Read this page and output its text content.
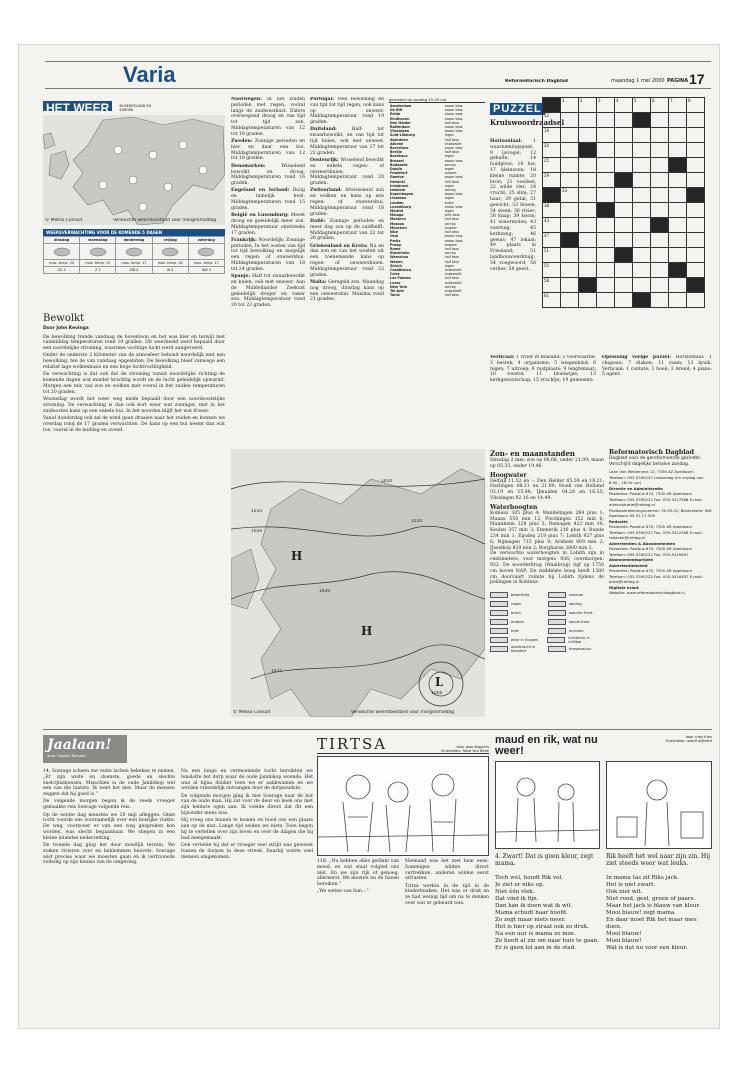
Varia	Reformatorisch Dagblad	maandag 1 mei 2000 PAGINA 17
HET WEER	IN NEDERLAND EN EUROPA
© Meteo Consult	Verwachte weerstoestand voor morgenmiddag
WEERSVERWACHTING VOOR DE KOMENDE 5 DAGEN
dinsdag	woensdag	donderdag	vrijdag	zaterdag

max. temp. 20	max. temp. 19	max. temp. 17	max. temp. 16	max. temp. 17
ZO 3	Z 3	ZW 4	W 4	NW 3
Bewolkt
Door John Kevinga

De bewolking trende vandaag de boventoon en het was hier en terwijl met vanmiddag temperaturen rond 19 graden. Dit weerbeeld werd bepaald door een noordelijke stroming, waarmee vochtige lucht werd aangevoerd.

Onder de onderste 2 kilometer van de atmosfeer behoud noordelijk met een bewolking, ten de van vandaag opgesloten. De bewolking bleef vanwege een relatief lage wolkenbasis en een hoge luchtvochtigheid.

De verwachting is dat ook dat de stroming vanuit noordelijke richting de komende dagen wat minder krachtig wordt en de lucht geleidelijk opwarmt. Morgen een mix van zon en wolken met vooral in het zuiden temperaturen tot 20 graden.

Woensdag wordt het weer weg mede bepaald door een noordoostelijke stroming. De verwachting is dan ook kort weer wat zonniger, met in het zuidoosten kans op een enkele bui. In het noorden blijft het wat frisser.

Vanaf donderdag ook zal de wind gaan draaien naar het zuiden en kunnen we overdag rond de 17 graden verwachten. De kans op een bui neemt dan wat toe, vooral in de middag en avond.

Noorwegen: In het zuiden perioden met regen, vooral langs de zuidwestkust. Elders overwegend droog en van tijd tot tijd zon. Middagtemperaturen van 12 tot 18 graden.

Zweden: Zonnige perioden en hier en daar een bui. Middagtemperaturen van 12 tot 18 graden.

Denemarken:	Wisselend bewolkt en droog. Middagtemperaturen rond 16 graden.

Engeland en Ierland: Buiig en tamelijk koel. Middagtemperaturen rond 15 graden.

België en Luxemburg: Meest droog en geleidelijk meer zon. Middagtemperatuur omstreeks 17 graden.

Frankrijk: Noordelijk: Zonnige perioden. In het oosten van tijd tot tijd bewolking en mogelijk een regen- of onweersbui. Middagtemperaturen van 18 tot 24 graden.

Spanje: Half tot zwaarbewolkt en buien, ook met onweer. Aan de Middellandse Zeekust geleidelijk droger en vaker zon. Middagtemperatuur rond 20 tot 23 graden.

Portugal: Veel bewolking en van tijd tot tijd regen, ook kans op onweer. Middagtemperatuur rond 19 graden.

Duitsland:	Half- tot zwaarbewolkt, en van tijd tot tijd buien, ook met onweer. Middagtemperatuur van 17 tot 22 graden.

Oostenrijk: Wisselend bewolkt en enkele regen- of onweersbuien. Middagtemperatuur rond 20 graden.

Zwitserland: Afwisselend zon en wolken en kans op een regen- of onweersbui. Middagtemperatuur rond 18 graden.

Italië: Zonnige perioden en meer dag zon op de zuidhelft. Middagtemperatuur van 22 tot 26 graden.

Griekenland en Kreta: Nu en dan zon en van het westen uit een toenemende kans op regen- of onweersbuien. Middagtemperatuur rond 22 graden.

Malta: Geregeld zon. Maandag nog droog, dinsdag kans op een onweersbui. Maxima rond 21 graden.

gemeten op zondag 15.00 uur
Amsterdam	zwaar bew.
De Bilt	zwaar bew.
Eelde	zwaar bew.
Eindhoven	zwaar bew.
Den Helder	half bew.
Rotterdam	zwaar bew.
Vlissingen	zwaar bew.
Zuid-Limburg	regen
Aberdeen	half bew.
Athene	onbewolkt
Barcelona	zwaar bew.
Berlijn	half bew.
Bordeaux	regen
Brussel	zwaar bew.
Budapest	zonnig
Dublin	regen
Frankfurt	onweer
Genève	zwaar bew.
Helsinki	half bew.
Innsbruck	regen
Istanbul	zonnig
Kopenhagen	zwaar bew.
Lissabon	regen
Londen	buien
Luxemburg	zwaar bew.
Madrid	regen
Malaga	licht bew.
Mallorca	half bew.
Moskou	zonnig
München	onweer
Nice	half bew.
Oslo	zwaar bew.
Parijs	zwaar bew.
Praag	onweer
Rome	half bew.
Stockholm	zonnig
Warschau	half bew.
Wenen	half bew.
Zürich	regen
Casablanca	onbewolkt
Cairo	onbewolkt
Las Palmas	half bew.
Luxor	onbewolkt
New York	zonnig
Tel Aviv	onbewolkt
Tunis	half bew.
PUZZEL
Kruiswoordraadsel
Horizontaal: 1 waarnemingspunt; 9 ijsvogel; 12 gehalte; 14 huidplooi; 16 lus; 17 kleinzoon; 18 kleine ruimte; 20 bron; 21 voedsel; 22 wilde rier; 24 vrucht; 25 slim; 27 haar; 29 getal; 31 gewicht; 33 bloem; 34 steen; 36 rivier; 38 knap; 39 boom; 41 watermolen; 43 voertuig; 45 kerkzang; 46 gewas; 47 lokaal; 49 plaats in Friesland; 51 landbouwwerktuig; 54 voegwoord; 56 verlies; 58 geest.

	1	2	3	4	5	6	7	8

12								

16								

20								

25								

29								

	33							

38								

43								

47								

51								

55								

58								

61								

Verticaal: 1 rivier in Rusland; 2 voorwaarde; 3 bestek; 4 organisme; 5 wiegenkind; 6 tegen; 7 uitroep; 8 rustplaats; 9 lengtemaat; 10 toestel; 11 bloeiwijze; 13 kerkgenootschap; 15 vrachtje; 19 gemeente.
Oplossing vorige puzzel: Horizontaal: 1 chapeau; 7 diaken; 11 raam; 13 kruik. Verticaal: 1 cantate; 2 hoek; 3 Arend; 4 piano; 5 agent.
H
H
L
1000
1010
1015
1020
1020
1010
1015
© Meteo Consult	Verwachte weerstoestand voor morgenmiddag
Zon- en maanstanden
Dinsdag 2 mei: zon op 06.06, onder 21.09; maan op 05.33, onder 19.46.
Hoogwater
Delfzijl 11.52 en –; Den Helder 05.59 en 18.21; Harlingen 08.31 en 21.09; Hoek van Holland 03.19 en 15.48; IJmuiden 04.28 en 16.55; Vlissingen 02.16 en 14.49.
Waterhoogten
Koblenz 305 plus 4; Wandelingen 284 plus 1; Maxau 550 min 12; Plochingen 152 min 6; Mannheim 328 plus 3; Remagen 422 min 10; Keulen 357 min 3; Emmerik 216 plus 4; Bunde 234 min 1; Eijsden 219 plus 7; Lobith 927 plus 6; Nijmegen 715 plus 9; Arnhem 809 min 2; IJsselkop 829 min 2; Borgharen 3800 min 3.
De verwachte waterhoogten in Lobith zijn in centimeters; voor morgen: 936; overmorgen: 932. De noorderbrug (Waalbrug) ligt op 1750 cm boven NAP; De middelste boog biedt 1380 cm doorvaart ruimte bij Lobith tijdens de peilingen in Koblenz.
bewolking	sneeuw
regen	storing
buien	warmte front
onweer	koude front
mist	occlusie
wind in knopen	luchtdruk in millibar
windkracht in beaufort	temperatuur
Reformatorisch Dagblad
Dagblad voor de gereformeerde gezindte. Verschijnt dagelijks behalve zondag.
Laan Van Westenenk 12, 7336 AZ Apeldoorn
Telefoon: 055-5390222 (maandag t/m vrijdag van 8.00 - 18.00 uur)
Directie en Administratie
Postadres: Postbus 670, 7300 AR Apeldoorn
Telefoon: 055-5390222 Fax: 055-5417588 E-mail: administratie@refdag.nl
Postbankrekeningnummer: 30.93.41; Bankrelatie: ING Apeldoorn 69.31.17.009
Redactie
Postadres: Postbus 670, 7300 AR Apeldoorn
Telefoon: 055-5390222 Fax: 055-5412288 E-mail: redactie@refdag.nl
Advertenties & Abonnementen
Postadres: Postbus 670, 7300 AR Apeldoorn
Telefoon: 055-5390222 Fax: 055-5416467
Abonnementsprijzen
Advertentiebeleid
Postadres: Postbus 670, 7300 AR Apeldoorn
Telefoon: 055-5390222 Fax: 055-5416467 E-mail: advd@refdag.nl
Digitale krant
Website: www.reformatorischdagblad.nl
Jaalaan!
door Gaston Niesten

14. Soerage scheen me vaste lachen bekeken te nemen. „Er zijn wiste en doenste, goede en slechte snelcijnsmensen. Misschien is de oude Jambikop wel een van die laatste. Ik weet het niet. Maar de mensen zeggen dat hij goed is.”

De volgende morgen begon ik de reeds vroeger gemaakte reis Soerage volgende reis.

Op de eerste dag moesten we 30 mijl afleggen. Onze tocht voerde ons voornamelijk over een bosrijke vlakte. De weg, voorzover er van een weg gesproken kon worden, was slecht begaanbaar. We sliepen in een kleine inlandse nederzetting.

De tweede dag ging het door moeilijk terrein. We staken rivieren over en beklommen heuvels. Soerage wist precies waar we moesten gaan en ik vertrouwde volledig op zijn kennis van de omgeving.

Na een lange en vermoeiende tocht bereikten we tenslotte het dorp waar de oude Jambikop woonde. Het was al bijna donker toen we er aankwamen en we werden vriendelijk ontvangen door de dorpsoudste.

De volgende morgen ging ik met Soerage naar de hut van de oude man. Hij zat voor de deur en keek ons met zijn heldere ogen aan. Ik voelde direct dat dit een bijzonder mens was.

Hij vroeg ons binnen te komen en bood ons een plaats aan op de mat. Lange tijd zeiden we niets. Toen begon hij te vertellen over zijn leven en over de dingen die hij had meegemaakt.

Ook vertelde hij dat er vroeger veel strijd was geweest tussen de dorpen in deze streek. Daarbij waren veel mensen omgekomen.

TIRTSA	door Jaap Koppers
illustraties: Reza Van Beek

118. „Nu hebben alles geldam van moed, en wat staat volgled ons niet. En we zijn rijk of genoeg, allereerst. We moeten nu de haven bereiken.”

„We weten van hun...”

Niemand was het met hem eens. Sommigen wilden direct vertrekken, anderen wilden eerst uitrusten.

Tirtsa werkte in de tijd in de kinderkeuken. Het was er druk en ze had weinig tijd om na te denken over wat er gebeurd was.

maud en rik, wat nu weer!
door ruby fries
illustraties: rodolf wijkstra
4. Zwart! Dat is geen kleur, zegt mama.
Rik heeft het wel naar zijn zin. Hij ziet steeds weer wat leuks.
Toch wel, houdt Rik vol.
Je ziet er niks op.
Niet één vlek.
Dat vind ik fijn.
Dan kan ik doen wat ik wil.
Mama schudt haar hoofd.
Zo zegt maar niets meer.
Het is hier op straat ook zo druk.
Na een uur is mama zo moe.
Ze heeft al zin om naar huis te gaan.
Er is geen lol aan in de stad.
In mama tas zit Riks jack.
Het is niet zwart.
Ook niet wit.
Niet rood, geel, groen of paars.
Maar het jack is blauw van kleur.
Mooi blauw! zegt mama.
En daar moet Rik het maar mee doen.
Mooi blauw!
Mooi blauw!
Wat is dat nu voor een kleur.
